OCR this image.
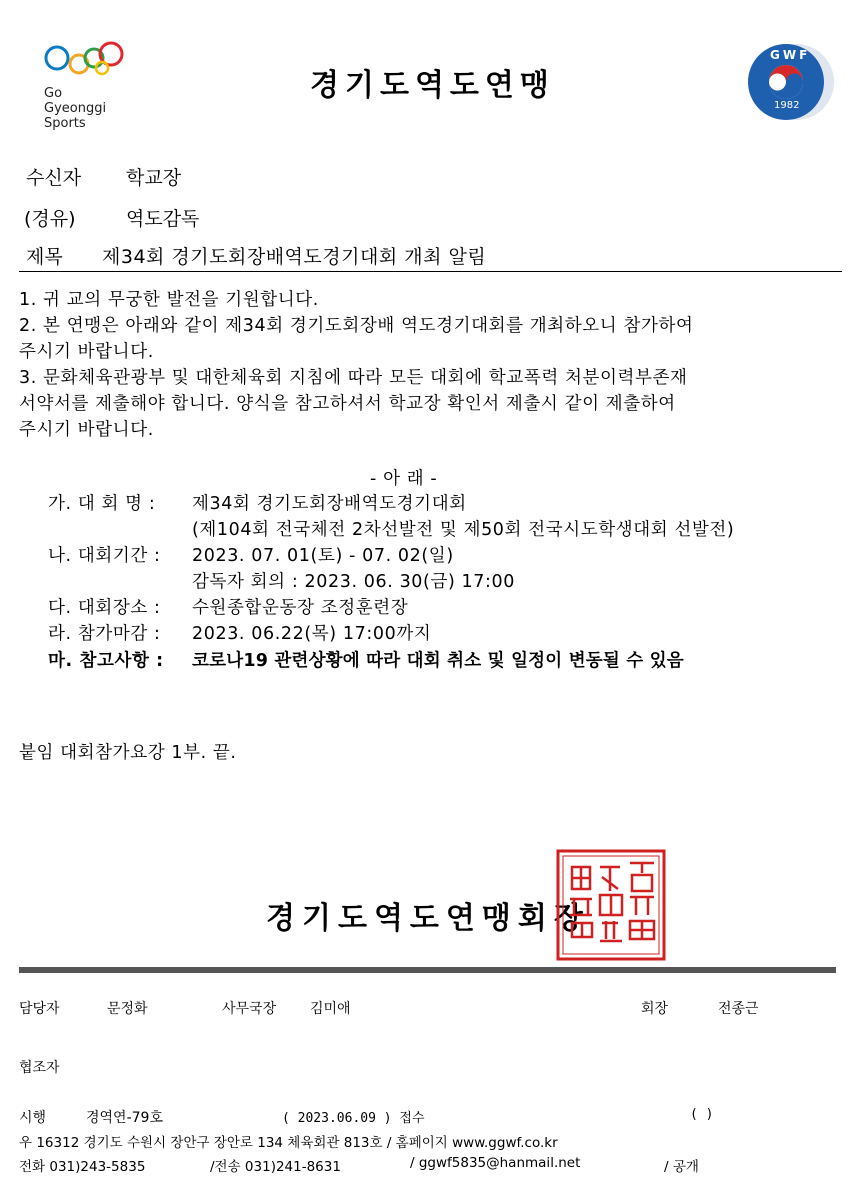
Go
Gyeonggi
Sports
경기도역도연맹
GWF
1982
수신자 학교장
(경유)	역도감독
제목 제34회 경기도회장배역도경기대회 개최 알림
1. 귀 교의 무궁한 발전을 기원합니다.
2. 본 연맹은 아래와 같이 제34회 경기도회장배 역도경기대회를 개최하오니 참가하여
주시기 바랍니다.
3. 문화체육관광부 및 대한체육회 지침에 따라 모든 대회에 학교폭력 처분이력부존재
서약서를 제출해야 합니다. 양식을 참고하셔서 학교장 확인서 제출시 같이 제출하여
주시기 바랍니다.
- 아 래 -
가. 대 회 명 : 제34회 경기도회장배역도경기대회
(제104회 전국체전 2차선발전 및 제50회 전국시도학생대회 선발전)
나. 대회기간 : 2023. 07. 01(토) - 07. 02(일)
감독자 회의 : 2023. 06. 30(금) 17:00
다. 대회장소 : 수원종합운동장 조정훈련장
라. 참가마감 : 2023. 06.22(목) 17:00까지
마. 참고사항 : 코로나19 관련상황에 따라 대회 취소 및 일정이 변동될 수 있음
붙임 대회참가요강 1부. 끝.
경기도역도연맹회장
담당자	문정화	사무국장 김미애	회장	전종근
협조자
시행	경역연-79호	( 2023.06.09 ) 접수	( )
우 16312 경기도 수원시 장안구 장안로 134 체육회관 813호 / 홈페이지 www.ggwf.co.kr
전화 031)243-5835	/전송 031)241-8631	/ ggwf5835@hanmail.net	/ 공개
